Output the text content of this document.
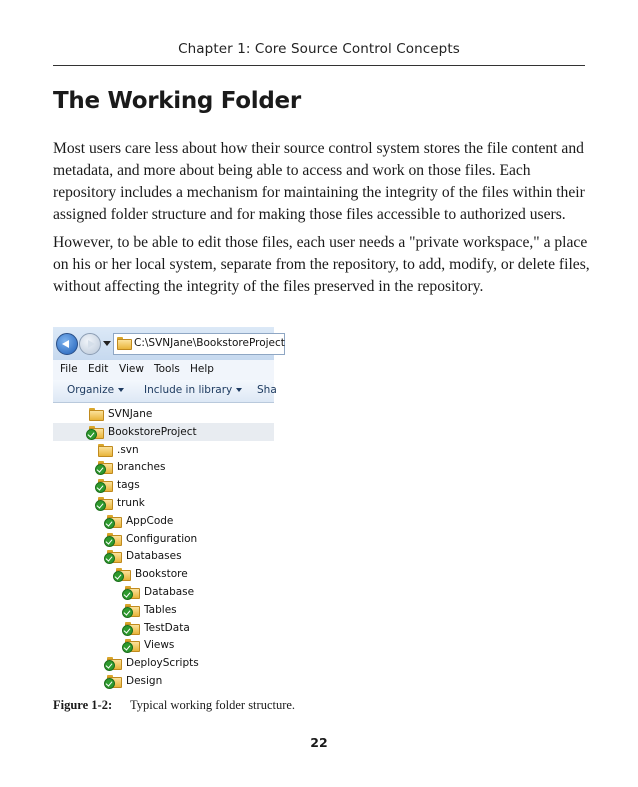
Chapter 1: Core Source Control Concepts
The Working Folder

Most users care less about how their source control system stores the file content and metadata, and more about being able to access and work on those files. Each repository includes a mechanism for maintaining the integrity of the files within their assigned folder structure and for making those files accessible to authorized users.

However, to be able to edit those files, each user needs a "private workspace," a place on his or her local system, separate from the repository, to add, modify, or delete files, without affecting the integrity of the files preserved in the repository.

C:\SVNJane\BookstoreProject
File Edit View Tools Help
Organize	Include in library	Sha
SVNJane
BookstoreProject
.svn
branches
tags
trunk
AppCode
Configuration
Databases
Bookstore
Database
Tables
TestData
Views
DeployScripts
Design
Figure 1-2: Typical working folder structure.
22
